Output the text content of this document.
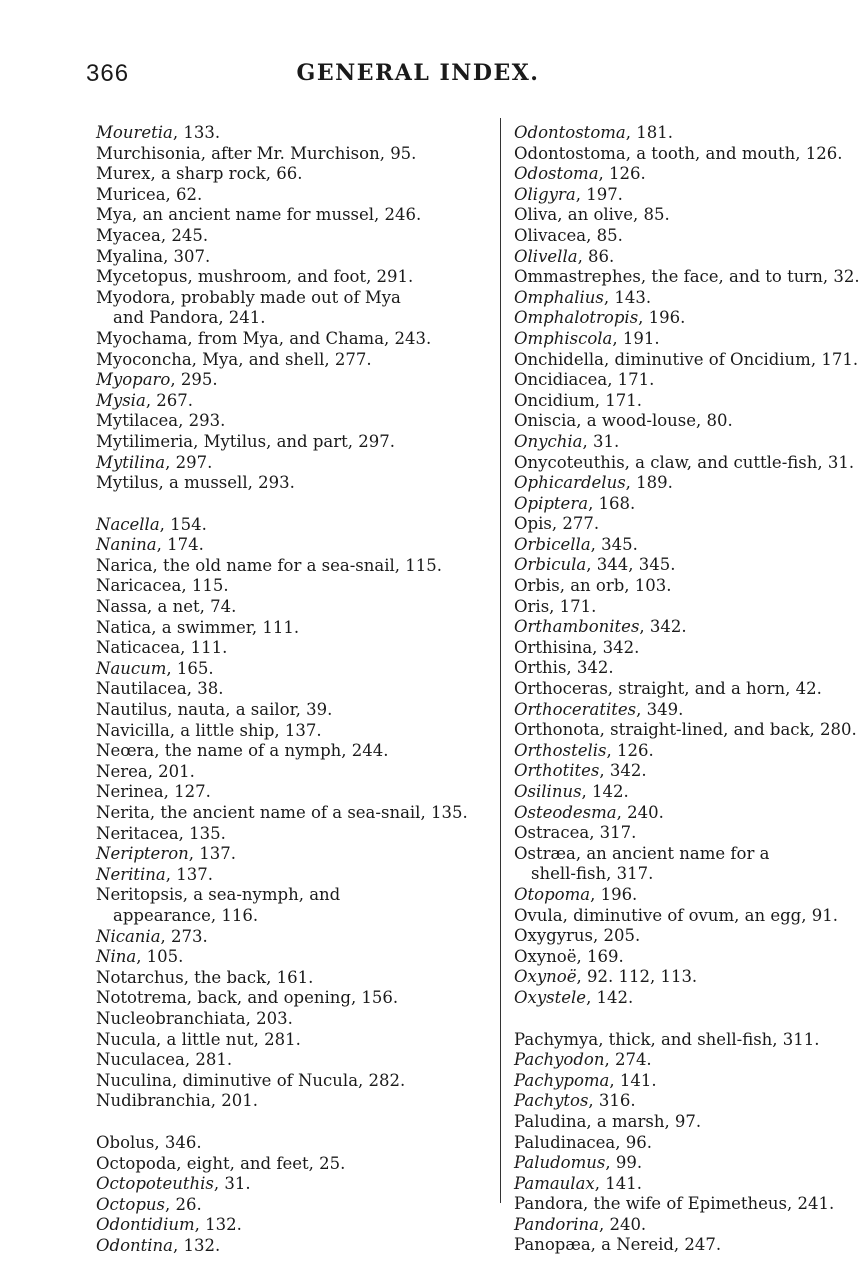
366	GENERAL INDEX.

Mouretia, 133.

Murchisonia, after Mr. Murchison, 95.

Murex, a sharp rock, 66.

Muricea, 62.

Mya, an ancient name for mussel, 246.

Myacea, 245.

Myalina, 307.

Mycetopus, mushroom, and foot, 291.

Myodora, probably made out of Mya and Pandora, 241.

Myochama, from Mya, and Chama, 243.

Myoconcha, Mya, and shell, 277.

Myoparo, 295.

Mysia, 267.

Mytilacea, 293.

Mytilimeria, Mytilus, and part, 297.

Mytilina, 297.

Mytilus, a mussell, 293.

Nacella, 154.

Nanina, 174.

Narica, the old name for a sea-snail, 115.

Naricacea, 115.

Nassa, a net, 74.

Natica, a swimmer, 111.

Naticacea, 111.

Naucum, 165.

Nautilacea, 38.

Nautilus, nauta, a sailor, 39.

Navicilla, a little ship, 137.

Neœra, the name of a nymph, 244.

Nerea, 201.

Nerinea, 127.

Nerita, the ancient name of a sea-snail, 135.

Neritacea, 135.

Neripteron, 137.

Neritina, 137.

Neritopsis, a sea-nymph, and appearance, 116.

Nicania, 273.

Nina, 105.

Notarchus, the back, 161.

Nototrema, back, and opening, 156.

Nucleobranchiata, 203.

Nucula, a little nut, 281.

Nuculacea, 281.

Nuculina, diminutive of Nucula, 282.

Nudibranchia, 201.

Obolus, 346.

Octopoda, eight, and feet, 25.

Octopoteuthis, 31.

Octopus, 26.

Odontidium, 132.

Odontina, 132.

Odontostoma, 181.

Odontostoma, a tooth, and mouth, 126.

Odostoma, 126.

Oligyra, 197.

Oliva, an olive, 85.

Olivacea, 85.

Olivella, 86.

Ommastrephes, the face, and to turn, 32.

Omphalius, 143.

Omphalotropis, 196.

Omphiscola, 191.

Onchidella, diminutive of Oncidium, 171.

Oncidiacea, 171.

Oncidium, 171.

Oniscia, a wood-louse, 80.

Onychia, 31.

Onycoteuthis, a claw, and cuttle-fish, 31.

Ophicardelus, 189.

Opiptera, 168.

Opis, 277.

Orbicella, 345.

Orbicula, 344, 345.

Orbis, an orb, 103.

Oris, 171.

Orthambonites, 342.

Orthisina, 342.

Orthis, 342.

Orthoceras, straight, and a horn, 42.

Orthoceratites, 349.

Orthonota, straight-lined, and back, 280.

Orthostelis, 126.

Orthotites, 342.

Osilinus, 142.

Osteodesma, 240.

Ostracea, 317.

Ostræa, an ancient name for a shell-fish, 317.

Otopoma, 196.

Ovula, diminutive of ovum, an egg, 91.

Oxygyrus, 205.

Oxynoë, 169.

Oxynoë, 92. 112, 113.

Oxystele, 142.

Pachymya, thick, and shell-fish, 311.

Pachyodon, 274.

Pachypoma, 141.

Pachytos, 316.

Paludina, a marsh, 97.

Paludinacea, 96.

Paludomus, 99.

Pamaulax, 141.

Pandora, the wife of Epimetheus, 241.

Pandorina, 240.

Panopæa, a Nereid, 247.
